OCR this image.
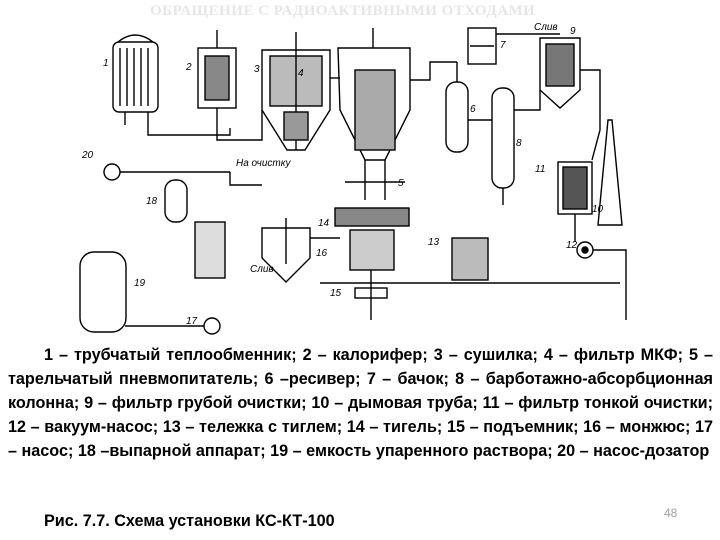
ОБРАЩЕНИЕ С РАДИОАКТИВНЫМИ ОТХОДАМИ
1	2	3	4
5
6
7
8
9
10
11
12
13
14
15
16
17
18
19
20
На очистку
Слив
Слив
1 – трубчатый теплообменник; 2 – калорифер; 3 – сушилка; 4 – фильтр МКФ; 5 – тарельчатый пневмопитатель; 6 –ресивер; 7 – бачок; 8 – барботажно-абсорбционная колонна; 9 – фильтр грубой очистки; 10 – дымовая труба; 11 – фильтр тонкой очистки; 12 – вакуум-насос; 13 – тележка с тиглем; 14 – тигель; 15 – подъемник; 16 – монжюс; 17 – насос; 18 –выпарной аппарат; 19 – емкость упаренного раствора; 20 – насос-дозатор
Рис. 7.7. Схема установки КС-КТ-100	48
